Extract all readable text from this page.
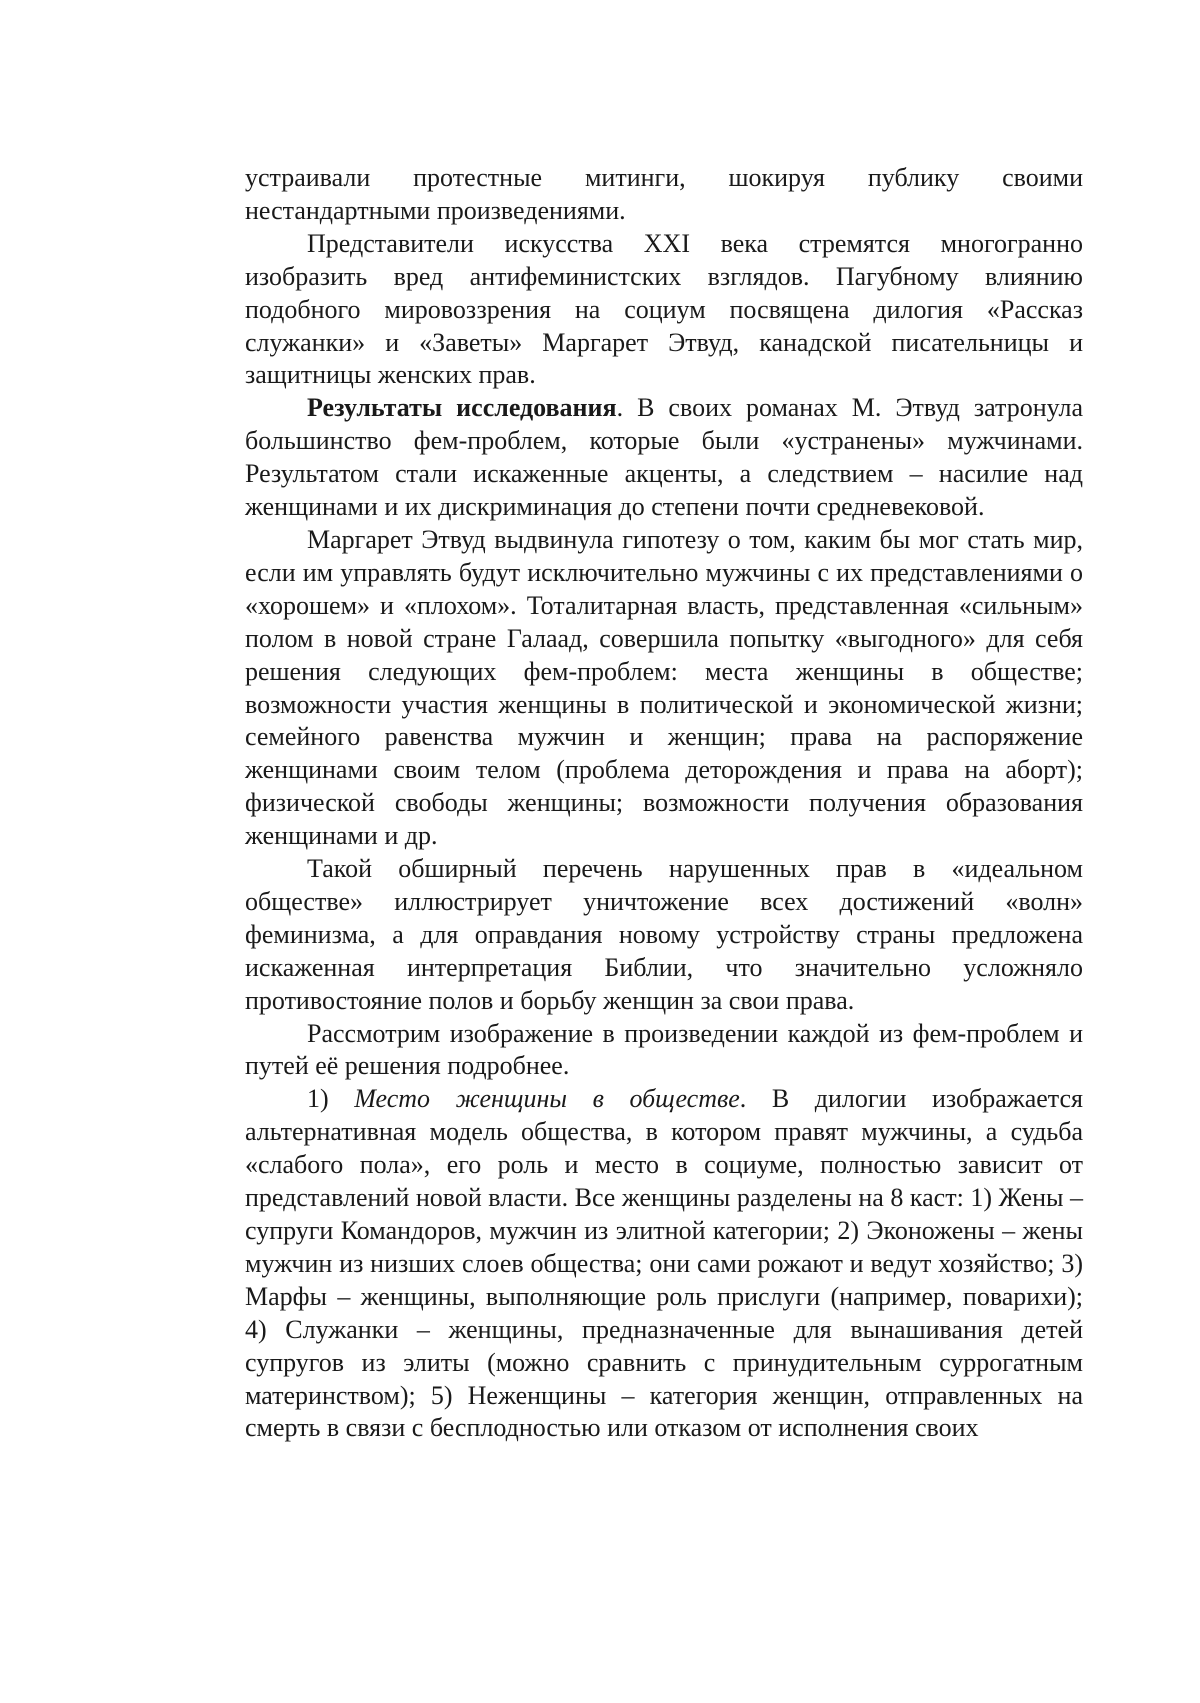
устраивали протестные митинги, шокируя публику своими нестандартными произведениями.

Представители искусства XXI века стремятся многогранно изобразить вред антифеминистских взглядов. Пагубному влиянию подобного мировоззрения на социум посвящена дилогия «Рассказ служанки» и «Заветы» Маргарет Этвуд, канадской писательницы и защитницы женских прав.

Результаты исследования. В своих романах М. Этвуд затронула большинство фем-проблем, которые были «устранены» мужчинами. Результатом стали искаженные акценты, а следствием – насилие над женщинами и их дискриминация до степени почти средневековой.

Маргарет Этвуд выдвинула гипотезу о том, каким бы мог стать мир, если им управлять будут исключительно мужчины с их представлениями о «хорошем» и «плохом». Тоталитарная власть, представленная «сильным» полом в новой стране Галаад, совершила попытку «выгодного» для себя решения следующих фем-проблем: места женщины в обществе; возможности участия женщины в политической и экономической жизни; семейного равенства мужчин и женщин; права на распоряжение женщинами своим телом (проблема деторождения и права на аборт); физической свободы женщины; возможности получения образования женщинами и др.

Такой обширный перечень нарушенных прав в «идеальном обществе» иллюстрирует уничтожение всех достижений «волн» феминизма, а для оправдания новому устройству страны предложена искаженная интерпретация Библии, что значительно усложняло противостояние полов и борьбу женщин за свои права.

Рассмотрим изображение в произведении каждой из фем-проблем и путей её решения подробнее.

1) Место женщины в обществе. В дилогии изображается альтернативная модель общества, в котором правят мужчины, а судьба «слабого пола», его роль и место в социуме, полностью зависит от представлений новой власти. Все женщины разделены на 8 каст: 1) Жены – супруги Командоров, мужчин из элитной категории; 2) Эконожены – жены мужчин из низших слоев общества; они сами рожают и ведут хозяйство; 3) Марфы – женщины, выполняющие роль прислуги (например, поварихи); 4) Служанки – женщины, предназначенные для вынашивания детей супругов из элиты (можно сравнить с принудительным суррогатным материнством); 5) Неженщины – категория женщин, отправленных на смерть в связи с бесплодностью или отказом от исполнения своих
